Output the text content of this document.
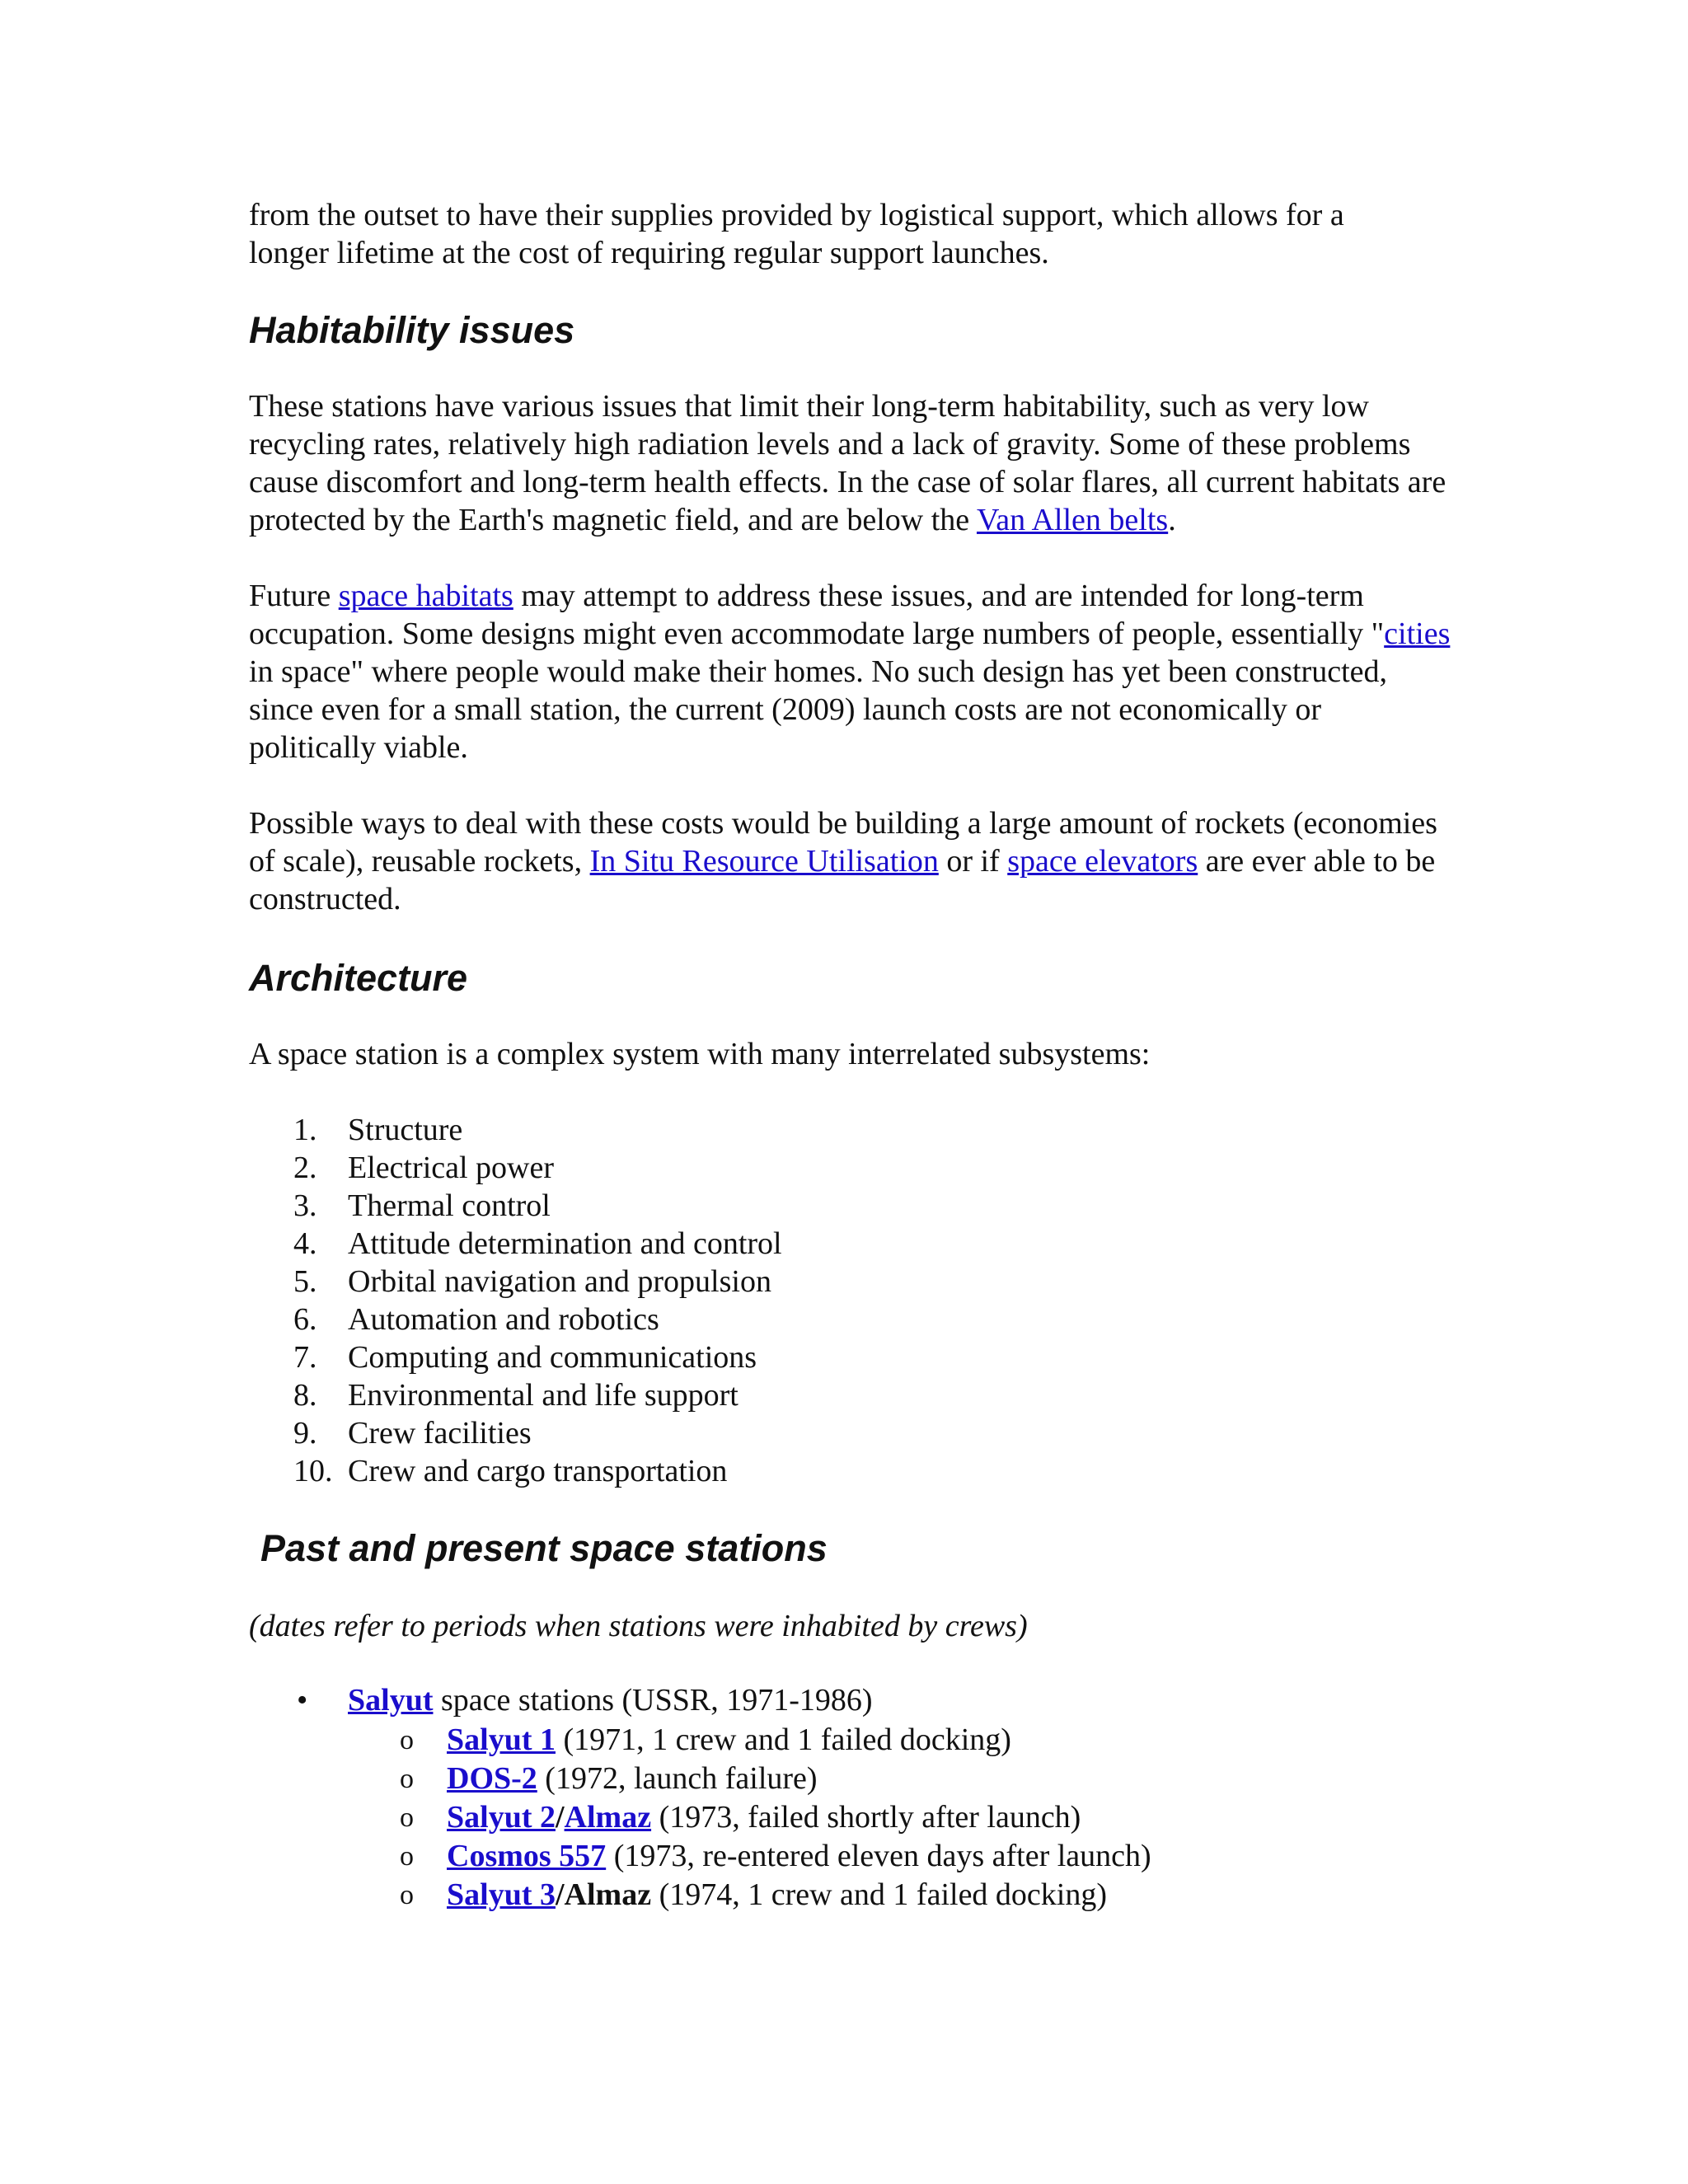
from the outset to have their supplies provided by logistical support, which allows for a
longer lifetime at the cost of requiring regular support launches.

Habitability issues

These stations have various issues that limit their long-term habitability, such as very low recycling rates, relatively high radiation levels and a lack of gravity. Some of these problems cause discomfort and long-term health effects. In the case of solar flares, all current habitats are protected by the Earth's magnetic field, and are below the Van Allen belts.

Future space habitats may attempt to address these issues, and are intended for long-term occupation. Some designs might even accommodate large numbers of people, essentially "cities in space" where people would make their homes. No such design has yet been constructed, since even for a small station, the current (2009) launch costs are not economically or politically viable.

Possible ways to deal with these costs would be building a large amount of rockets (economies of scale), reusable rockets, In Situ Resource Utilisation or if space elevators are ever able to be constructed.

Architecture

A space station is a complex system with many interrelated subsystems:

1. Structure
2. Electrical power
3. Thermal control
4. Attitude determination and control
5. Orbital navigation and propulsion
6. Automation and robotics
7. Computing and communications
8. Environmental and life support
9. Crew facilities
10. Crew and cargo transportation
Past and present space stations

(dates refer to periods when stations were inhabited by crews)

• Salyut space stations (USSR, 1971-1986)
o Salyut 1 (1971, 1 crew and 1 failed docking)
o DOS-2 (1972, launch failure)
o Salyut 2/Almaz (1973, failed shortly after launch)
o Cosmos 557 (1973, re-entered eleven days after launch)
o Salyut 3/Almaz (1974, 1 crew and 1 failed docking)
